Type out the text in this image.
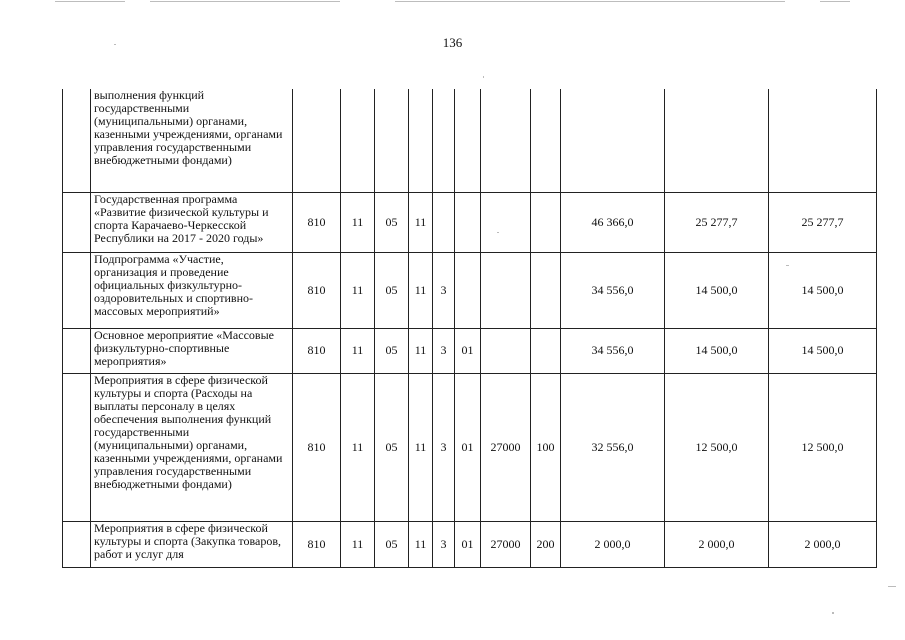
136
	выполнения функций государственными (муниципальными) органами, казенными учреждениями, органами управления государственными внебюджетными фондами)											
	Государственная программа «Развитие физической культуры и спорта Карачаево-Черкесской Республики на 2017 - 2020 годы»	810	11	05	11					46 366,0	25 277,7	25 277,7
	Подпрограмма «Участие, организация и проведение официальных физкультурно-оздоровительных и спортивно-массовых мероприятий»	810	11	05	11	3				34 556,0	14 500,0	14 500,0
	Основное мероприятие «Массовые физкультурно-спортивные мероприятия»	810	11	05	11	3	01			34 556,0	14 500,0	14 500,0
	Мероприятия в сфере физической культуры и спорта (Расходы на выплаты персоналу в целях обеспечения выполнения функций государственными (муниципальными) органами, казенными учреждениями, органами управления государственными внебюджетными фондами)	810	11	05	11	3	01	27000	100	32 556,0	12 500,0	12 500,0
	Мероприятия в сфере физической культуры и спорта (Закупка товаров, работ и услуг для	810	11	05	11	3	01	27000	200	2 000,0	2 000,0	2 000,0
